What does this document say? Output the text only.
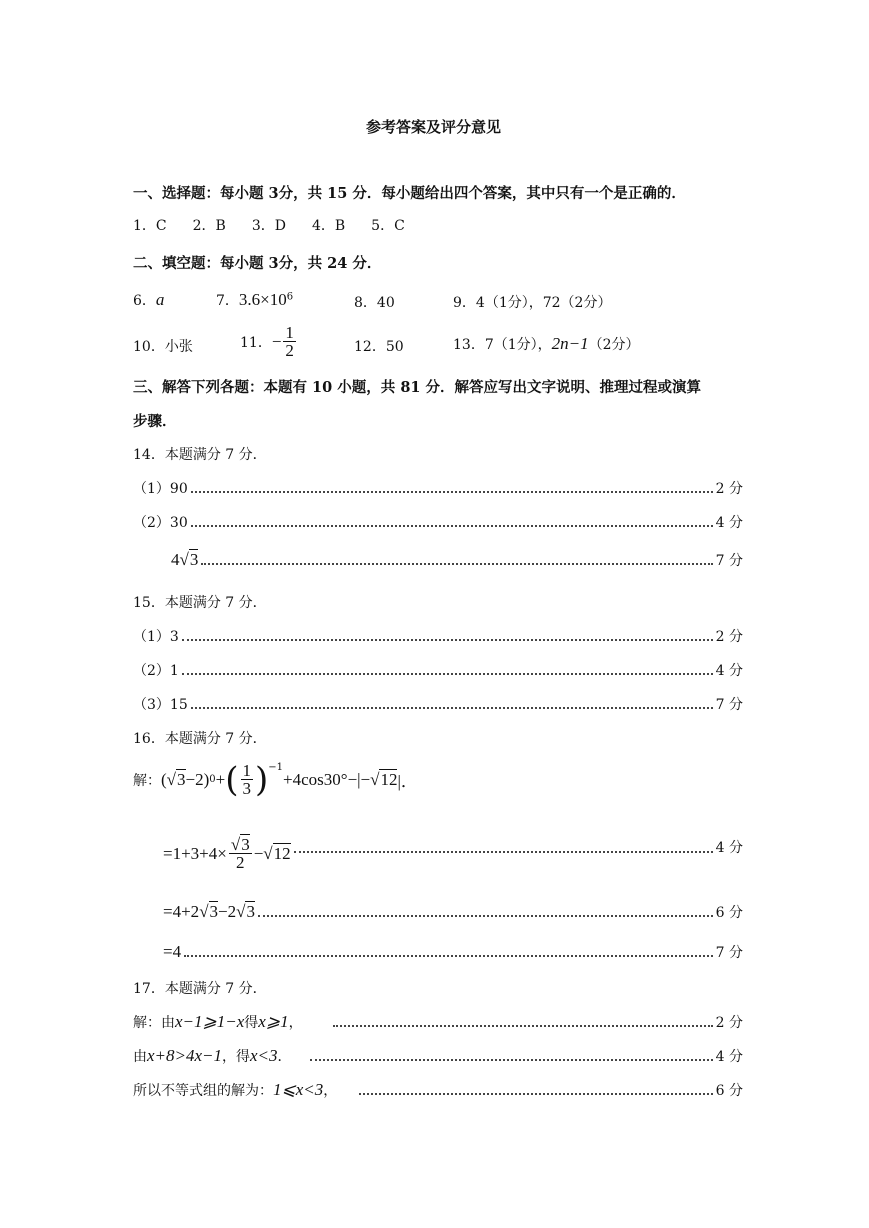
参考答案及评分意见
一、选择题：每小题 3分，共 15 分．每小题给出四个答案，其中只有一个是正确的．
1．C 2．B 3．D 4．B 5．C
二、填空题：每小题 3分，共 24 分．
6．a	7．$3.6\times 10^6$	8．40	9．4（1分），72（2分）
10．小张	11． − $\frac{1}{2}$	12．50	13．7（1分），2n−1（2分）
三、解答下列各题：本题有 10 小题，共 81 分．解答应写出文字说明、推理过程或演算
步骤．
14．本题满分 7 分．
（1）90	2 分
（2）30	4 分
4√3	7 分
15．本题满分 7 分．
（1）3	2 分
（2）1	4 分
（3）15	7 分
16．本题满分 7 分．
解： ( √ 3 −2) 0 + ( $\frac{1}{3} )^{-1}$
+4cos30°−|− √ 12 |．
$=1+3+4\times \frac{√3}{2}$ − √ 12	4 分
=4+2√3−2√3	6 分
=4	7 分
17．本题满分 7 分．
解：由x−1⩾1−x得x⩾1，	2 分
由x+8>4x−1，得x<3．	4 分
所以不等式组的解为：1⩽x<3，	6 分
